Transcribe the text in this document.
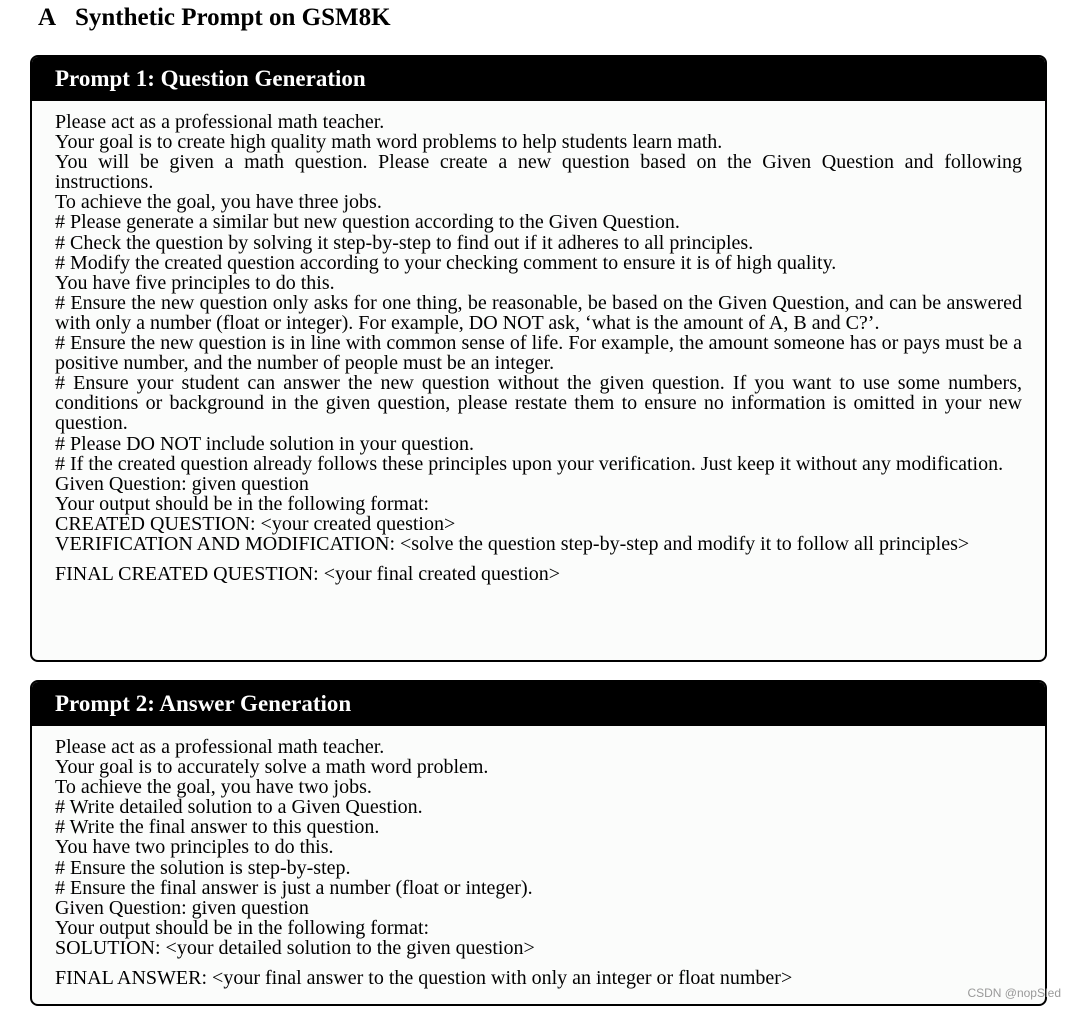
A Synthetic Prompt on GSM8K
Prompt 1: Question Generation
Please act as a professional math teacher.
Your goal is to create high quality math word problems to help students learn math.
You will be given a math question. Please create a new question based on the Given Question and following instructions.
To achieve the goal, you have three jobs.
# Please generate a similar but new question according to the Given Question.
# Check the question by solving it step-by-step to find out if it adheres to all principles.
# Modify the created question according to your checking comment to ensure it is of high quality.
You have five principles to do this.
# Ensure the new question only asks for one thing, be reasonable, be based on the Given Question, and can be answered with only a number (float or integer). For example, DO NOT ask, ‘what is the amount of A, B and C?’.
# Ensure the new question is in line with common sense of life. For example, the amount someone has or pays must be a positive number, and the number of people must be an integer.
# Ensure your student can answer the new question without the given question. If you want to use some numbers, conditions or background in the given question, please restate them to ensure no information is omitted in your new question.
# Please DO NOT include solution in your question.
# If the created question already follows these principles upon your verification. Just keep it without any modification.
Given Question: given question
Your output should be in the following format:
CREATED QUESTION: <your created question>
VERIFICATION AND MODIFICATION: <solve the question step-by-step and modify it to follow all principles>
FINAL CREATED QUESTION: <your final created question>
Prompt 2: Answer Generation
Please act as a professional math teacher.
Your goal is to accurately solve a math word problem.
To achieve the goal, you have two jobs.
# Write detailed solution to a Given Question.
# Write the final answer to this question.
You have two principles to do this.
# Ensure the solution is step-by-step.
# Ensure the final answer is just a number (float or integer).
Given Question: given question
Your output should be in the following format:
SOLUTION: <your detailed solution to the given question>
FINAL ANSWER: <your final answer to the question with only an integer or float number>
CSDN @nopSled
